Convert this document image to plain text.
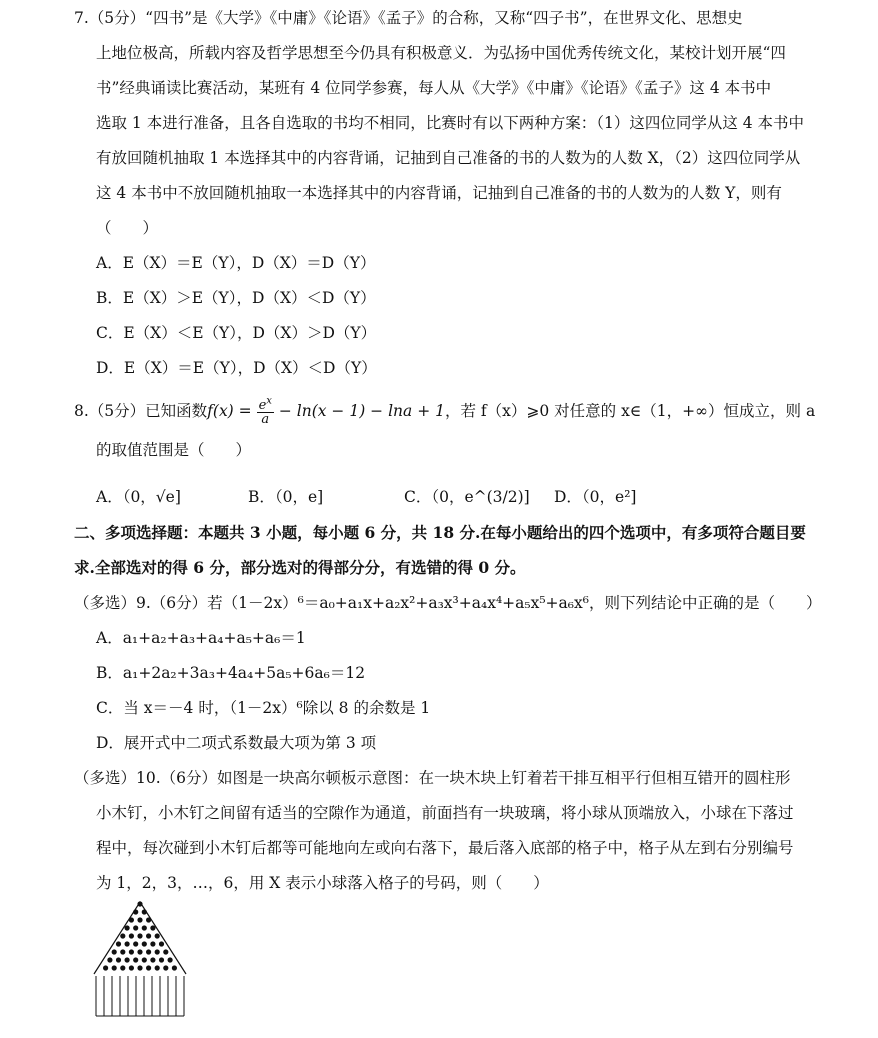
7.（5分）“四书”是《大学》《中庸》《论语》《孟子》的合称，又称“四子书”，在世界文化、思想史
上地位极高，所载内容及哲学思想至今仍具有积极意义．为弘扬中国优秀传统文化，某校计划开展“四
书”经典诵读比赛活动，某班有 4 位同学参赛，每人从《大学》《中庸》《论语》《孟子》这 4 本书中
选取 1 本进行准备，且各自选取的书均不相同，比赛时有以下两种方案：（1）这四位同学从这 4 本书中
有放回随机抽取 1 本选择其中的内容背诵，记抽到自己准备的书的人数为的人数 X，（2）这四位同学从
这 4 本书中不放回随机抽取一本选择其中的内容背诵，记抽到自己准备的书的人数为的人数 Y，则有
（　　）
A．E（X）＝E（Y），D（X）＝D（Y）
B．E（X）＞E（Y），D（X）＜D（Y）
C．E（X）＜E（Y），D（X）＞D（Y）
D．E（X）＝E（Y），D（X）＜D（Y）
8.（5分）已知函数$f(x) = \frac{e^x}{a} - \ln(x - 1) - \ln a + 1$，若 f（x）⩾0 对任意的 x∈（1，+∞）恒成立，则 a
的取值范围是（　　）
A．（0，√e]	B．（0，e]	C．（0，e^(3/2)] D．（0，e²]
二、多项选择题：本题共 3 小题，每小题 6 分，共 18 分.在每小题给出的四个选项中，有多项符合题目要
求.全部选对的得 6 分，部分选对的得部分分，有选错的得 0 分。
（多选）9.（6分）若（1－2x）⁶＝a₀+a₁x+a₂x²+a₃x³+a₄x⁴+a₅x⁵+a₆x⁶，则下列结论中正确的是（　　）
A．a₁+a₂+a₃+a₄+a₅+a₆＝1
B．a₁+2a₂+3a₃+4a₄+5a₅+6a₆＝12
C．当 x＝－4 时，（1－2x）⁶除以 8 的余数是 1
D．展开式中二项式系数最大项为第 3 项
（多选）10.（6分）如图是一块高尔顿板示意图：在一块木块上钉着若干排互相平行但相互错开的圆柱形
小木钉，小木钉之间留有适当的空隙作为通道，前面挡有一块玻璃，将小球从顶端放入，小球在下落过
程中，每次碰到小木钉后都等可能地向左或向右落下，最后落入底部的格子中，格子从左到右分别编号
为 1，2，3，…，6，用 X 表示小球落入格子的号码，则（　　）
